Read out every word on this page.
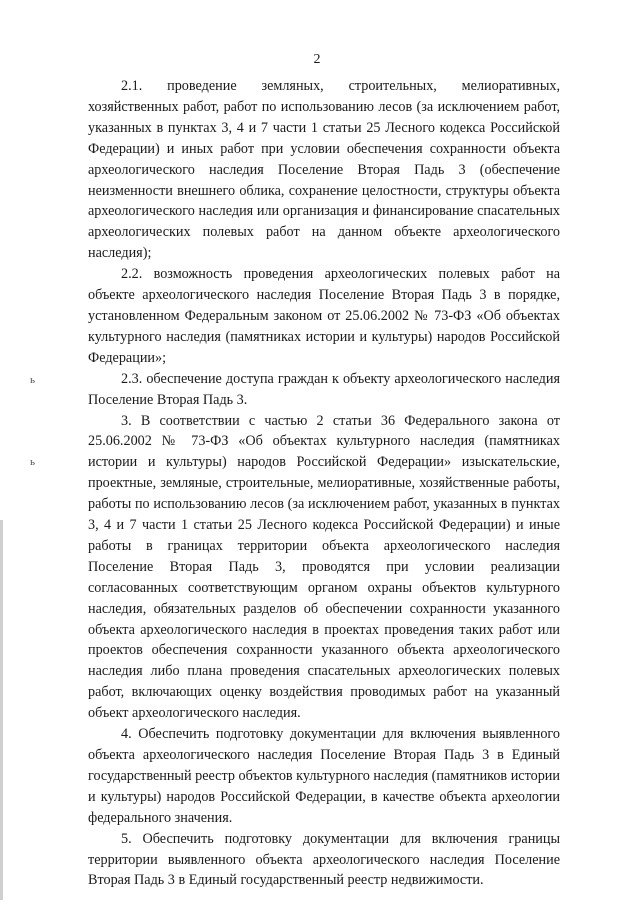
2
ь
ь

2.1. проведение земляных, строительных, мелиоративных, хозяйственных работ, работ по использованию лесов (за исключением работ, указанных в пунктах 3, 4 и 7 части 1 статьи 25 Лесного кодекса Российской Федерации) и иных работ при условии обеспечения сохранности объекта археологического наследия Поселение Вторая Падь 3 (обеспечение неизменности внешнего облика, сохранение целостности, структуры объекта археологического наследия или организация и финансирование спасательных археологических полевых работ на данном объекте археологического наследия);

2.2. возможность проведения археологических полевых работ на объекте археологического наследия Поселение Вторая Падь 3 в порядке, установленном Федеральным законом от 25.06.2002 № 73-ФЗ «Об объектах культурного наследия (памятниках истории и культуры) народов Российской Федерации»;

2.3. обеспечение доступа граждан к объекту археологического наследия Поселение Вторая Падь 3.

3. В соответствии с частью 2 статьи 36 Федерального закона от 25.06.2002 № 73-ФЗ «Об объектах культурного наследия (памятниках истории и культуры) народов Российской Федерации» изыскательские, проектные, земляные, строительные, мелиоративные, хозяйственные работы, работы по использованию лесов (за исключением работ, указанных в пунктах 3, 4 и 7 части 1 статьи 25 Лесного кодекса Российской Федерации) и иные работы в границах территории объекта археологического наследия Поселение Вторая Падь 3, проводятся при условии реализации согласованных соответствующим органом охраны объектов культурного наследия, обязательных разделов об обеспечении сохранности указанного объекта археологического наследия в проектах проведения таких работ или проектов обеспечения сохранности указанного объекта археологического наследия либо плана проведения спасательных археологических полевых работ, включающих оценку воздействия проводимых работ на указанный объект археологического наследия.

4. Обеспечить подготовку документации для включения выявленного объекта археологического наследия Поселение Вторая Падь 3 в Единый государственный реестр объектов культурного наследия (памятников истории и культуры) народов Российской Федерации, в качестве объекта археологии федерального значения.

5. Обеспечить подготовку документации для включения границы территории выявленного объекта археологического наследия Поселение Вторая Падь 3 в Единый государственный реестр недвижимости.
